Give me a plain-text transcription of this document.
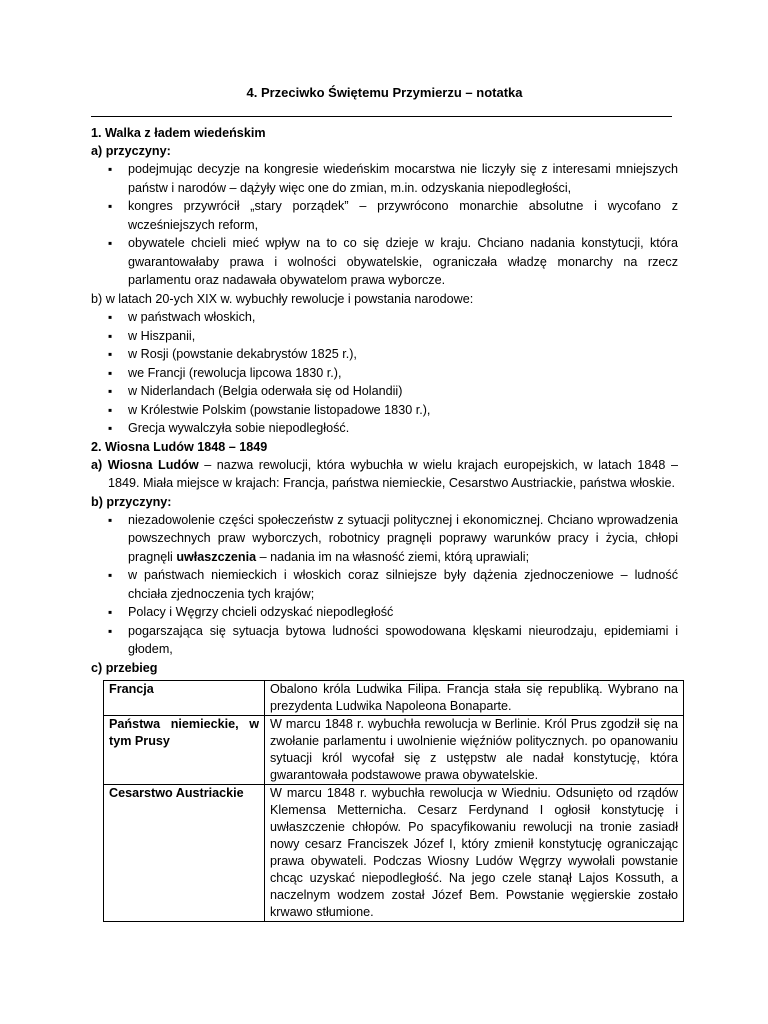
4. Przeciwko Świętemu Przymierzu – notatka
1. Walka z ładem wiedeńskim
a) przyczyny:
▪ podejmując decyzje na kongresie wiedeńskim mocarstwa nie liczyły się z interesami mniejszych państw i narodów – dążyły więc one do zmian, m.in. odzyskania niepodległości,
▪ kongres przywrócił „stary porządek” – przywrócono monarchie absolutne i wycofano z wcześniejszych reform,
▪ obywatele chcieli mieć wpływ na to co się dzieje w kraju. Chciano nadania konstytucji, która gwarantowałaby prawa i wolności obywatelskie, ograniczała władzę monarchy na rzecz parlamentu oraz nadawała obywatelom prawa wyborcze.
b) w latach 20-ych XIX w. wybuchły rewolucje i powstania narodowe:
▪ w państwach włoskich,
▪ w Hiszpanii,
▪ w Rosji (powstanie dekabrystów 1825 r.),
▪ we Francji (rewolucja lipcowa 1830 r.),
▪ w Niderlandach (Belgia oderwała się od Holandii)
▪ w Królestwie Polskim (powstanie listopadowe 1830 r.),
▪ Grecja wywalczyła sobie niepodległość.
2. Wiosna Ludów 1848 – 1849
a) Wiosna Ludów – nazwa rewolucji, która wybuchła w wielu krajach europejskich, w latach 1848 – 1849. Miała miejsce w krajach: Francja, państwa niemieckie, Cesarstwo Austriackie, państwa włoskie.
b) przyczyny:
▪ niezadowolenie części społeczeństw z sytuacji politycznej i ekonomicznej. Chciano wprowadzenia powszechnych praw wyborczych, robotnicy pragnęli poprawy warunków pracy i życia, chłopi pragnęli uwłaszczenia – nadania im na własność ziemi, którą uprawiali;
▪ w państwach niemieckich i włoskich coraz silniejsze były dążenia zjednoczeniowe – ludność chciała zjednoczenia tych krajów;
▪ Polacy i Węgrzy chcieli odzyskać niepodległość
▪ pogarszająca się sytuacja bytowa ludności spowodowana klęskami nieurodzaju, epidemiami i głodem,
c) przebieg
Francja	Obalono króla Ludwika Filipa. Francja stała się republiką. Wybrano na prezydenta Ludwika Napoleona Bonaparte.
Państwa niemieckie, w tym Prusy	W marcu 1848 r. wybuchła rewolucja w Berlinie. Król Prus zgodził się na zwołanie parlamentu i uwolnienie więźniów politycznych. po opanowaniu sytuacji król wycofał się z ustępstw ale nadał konstytucję, która gwarantowała podstawowe prawa obywatelskie.
Cesarstwo Austriackie	W marcu 1848 r. wybuchła rewolucja w Wiedniu. Odsunięto od rządów Klemensa Metternicha. Cesarz Ferdynand I ogłosił konstytucję i uwłaszczenie chłopów. Po spacyfikowaniu rewolucji na tronie zasiadł nowy cesarz Franciszek Józef I, który zmienił konstytucję ograniczając prawa obywateli. Podczas Wiosny Ludów Węgrzy wywołali powstanie chcąc uzyskać niepodległość. Na jego czele stanął Lajos Kossuth, a naczelnym wodzem został Józef Bem. Powstanie węgierskie zostało krwawo stłumione.
